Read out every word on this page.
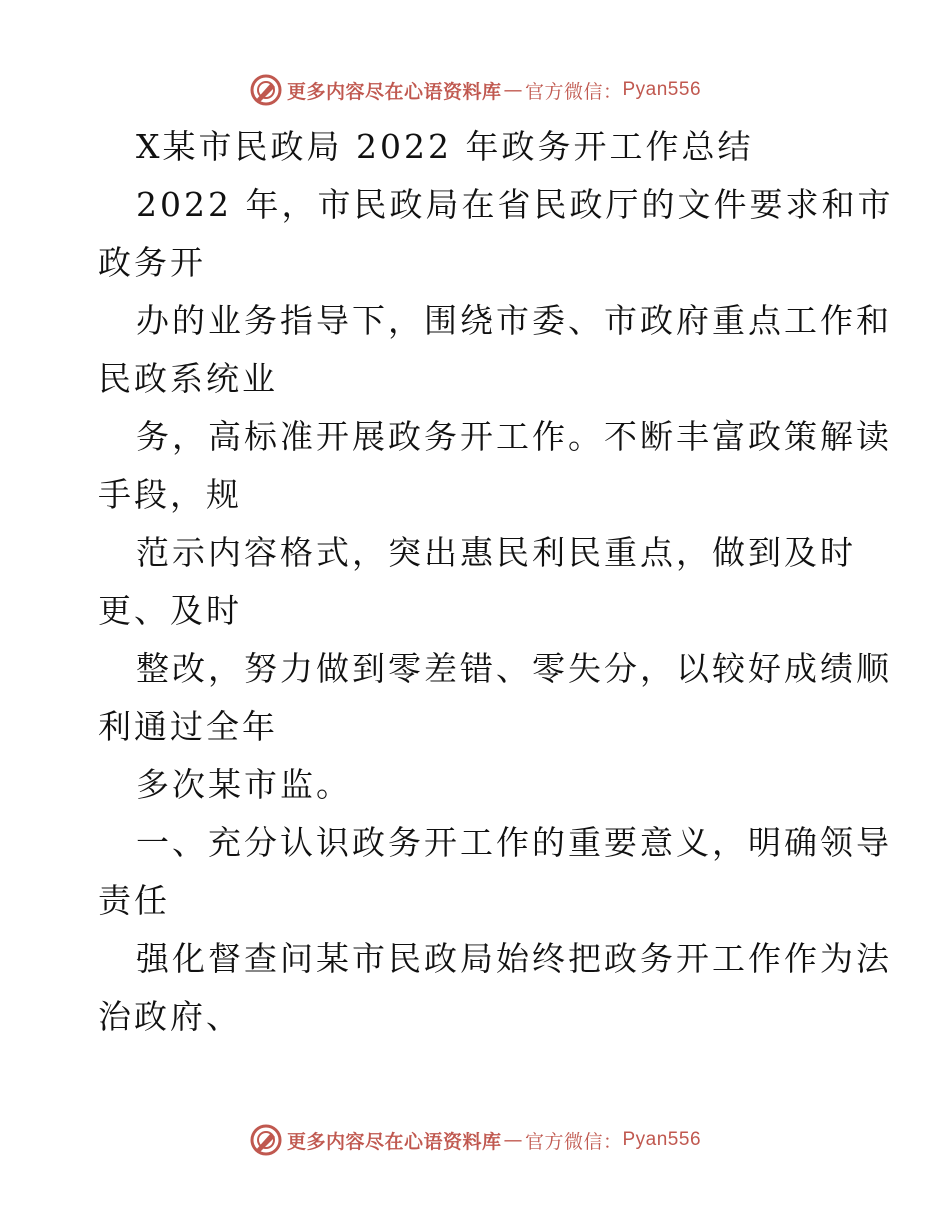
更多内容尽在心语资料库 — 官方微信： Pyan556
X某市民政局 2022 年政务开工作总结
2022 年，市民政局在省民政厅的文件要求和市
政务开
办的业务指导下，围绕市委、市政府重点工作和
民政系统业
务，高标准开展政务开工作。不断丰富政策解读
手段，规
范示内容格式，突出惠民利民重点，做到及时
更、及时
整改，努力做到零差错、零失分，以较好成绩顺
利通过全年
多次某市监。
一、充分认识政务开工作的重要意义，明确领导
责任
强化督查问某市民政局始终把政务开工作作为法
治政府、
更多内容尽在心语资料库 — 官方微信： Pyan556
